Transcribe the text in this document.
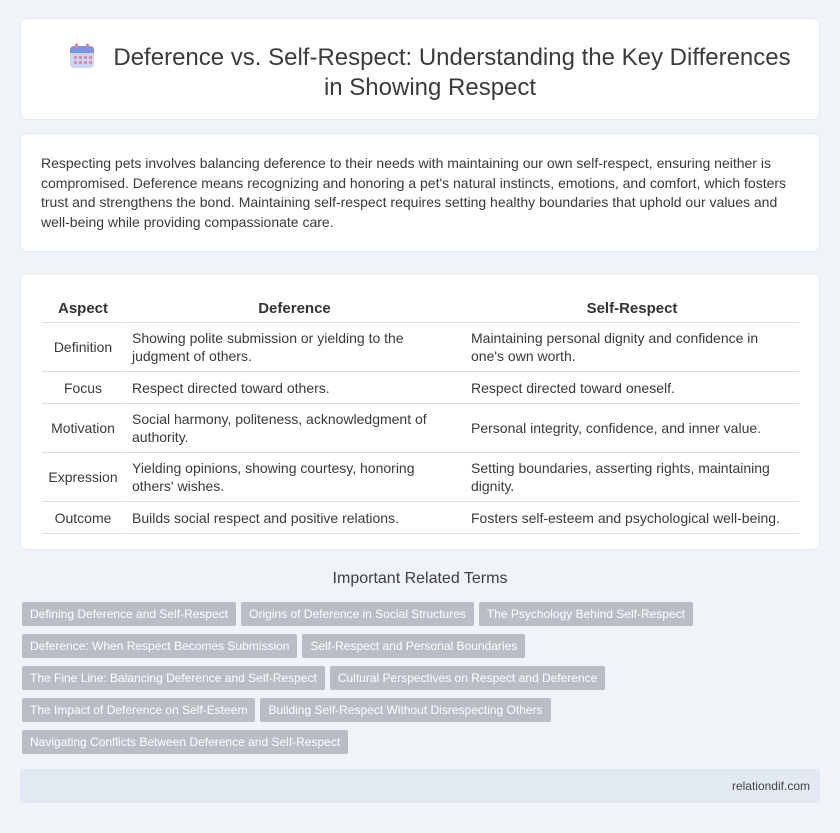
Deference vs. Self-Respect: Understanding the Key Differences in Showing Respect

Respecting pets involves balancing deference to their needs with maintaining our own self-respect, ensuring neither is compromised. Deference means recognizing and honoring a pet's natural instincts, emotions, and comfort, which fosters trust and strengthens the bond. Maintaining self-respect requires setting healthy boundaries that uphold our values and well-being while providing compassionate care.

Aspect	Deference	Self-Respect
Definition	Showing polite submission or yielding to the judgment of others.	Maintaining personal dignity and confidence in one's own worth.
Focus	Respect directed toward others.	Respect directed toward oneself.
Motivation	Social harmony, politeness, acknowledgment of authority.	Personal integrity, confidence, and inner value.
Expression	Yielding opinions, showing courtesy, honoring others' wishes.	Setting boundaries, asserting rights, maintaining dignity.
Outcome	Builds social respect and positive relations.	Fosters self-esteem and psychological well-being.
Important Related Terms
Defining Deference and Self-Respect Origins of Deference in Social Structures The Psychology Behind Self-Respect
Deference: When Respect Becomes Submission Self-Respect and Personal Boundaries
The Fine Line: Balancing Deference and Self-Respect Cultural Perspectives on Respect and Deference
The Impact of Deference on Self-Esteem Building Self-Respect Without Disrespecting Others
Navigating Conflicts Between Deference and Self-Respect
relationdif.com
